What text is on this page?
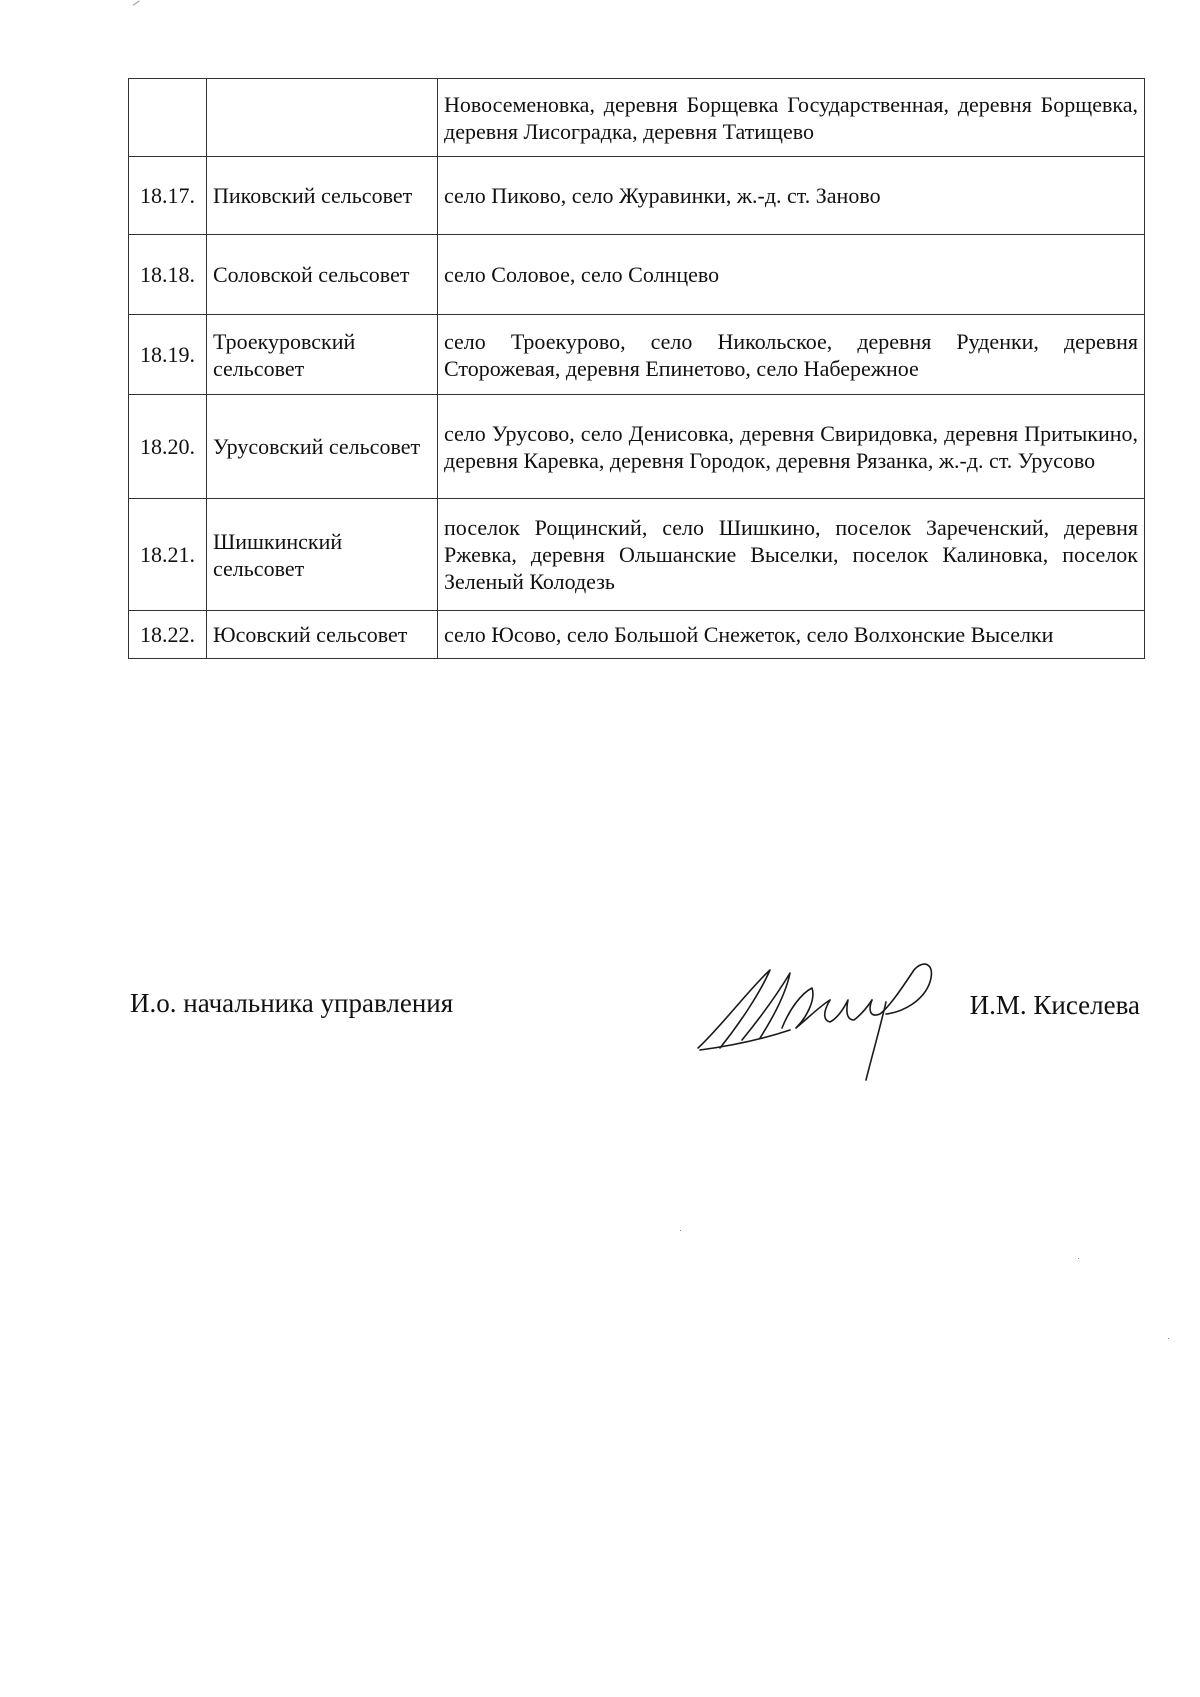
		Новосеменовка, деревня Борщевка Государственная, деревня Борщевка, деревня Лисоградка, деревня Татищево
18.17.	Пиковский сельсовет	село Пиково, село Журавинки, ж.-д. ст. Заново
18.18.	Соловской сельсовет	село Соловое, село Солнцево
18.19.	Троекуровский сельсовет	село Троекурово, село Никольское, деревня Руденки, деревня Сторожевая, деревня Епинетово, село Набережное
18.20.	Урусовский сельсовет	село Урусово, село Денисовка, деревня Свиридовка, деревня Притыкино, деревня Каревка, деревня Городок, деревня Рязанка, ж.-д. ст. Урусово
18.21.	Шишкинский сельсовет	поселок Рощинский, село Шишкино, поселок Зареченский, деревня Ржевка, деревня Ольшанские Выселки, поселок Калиновка, поселок Зеленый Колодезь
18.22.	Юсовский сельсовет	село Юсово, село Большой Снежеток, село Волхонские Выселки
И.о. начальника управления	И.М. Киселева
